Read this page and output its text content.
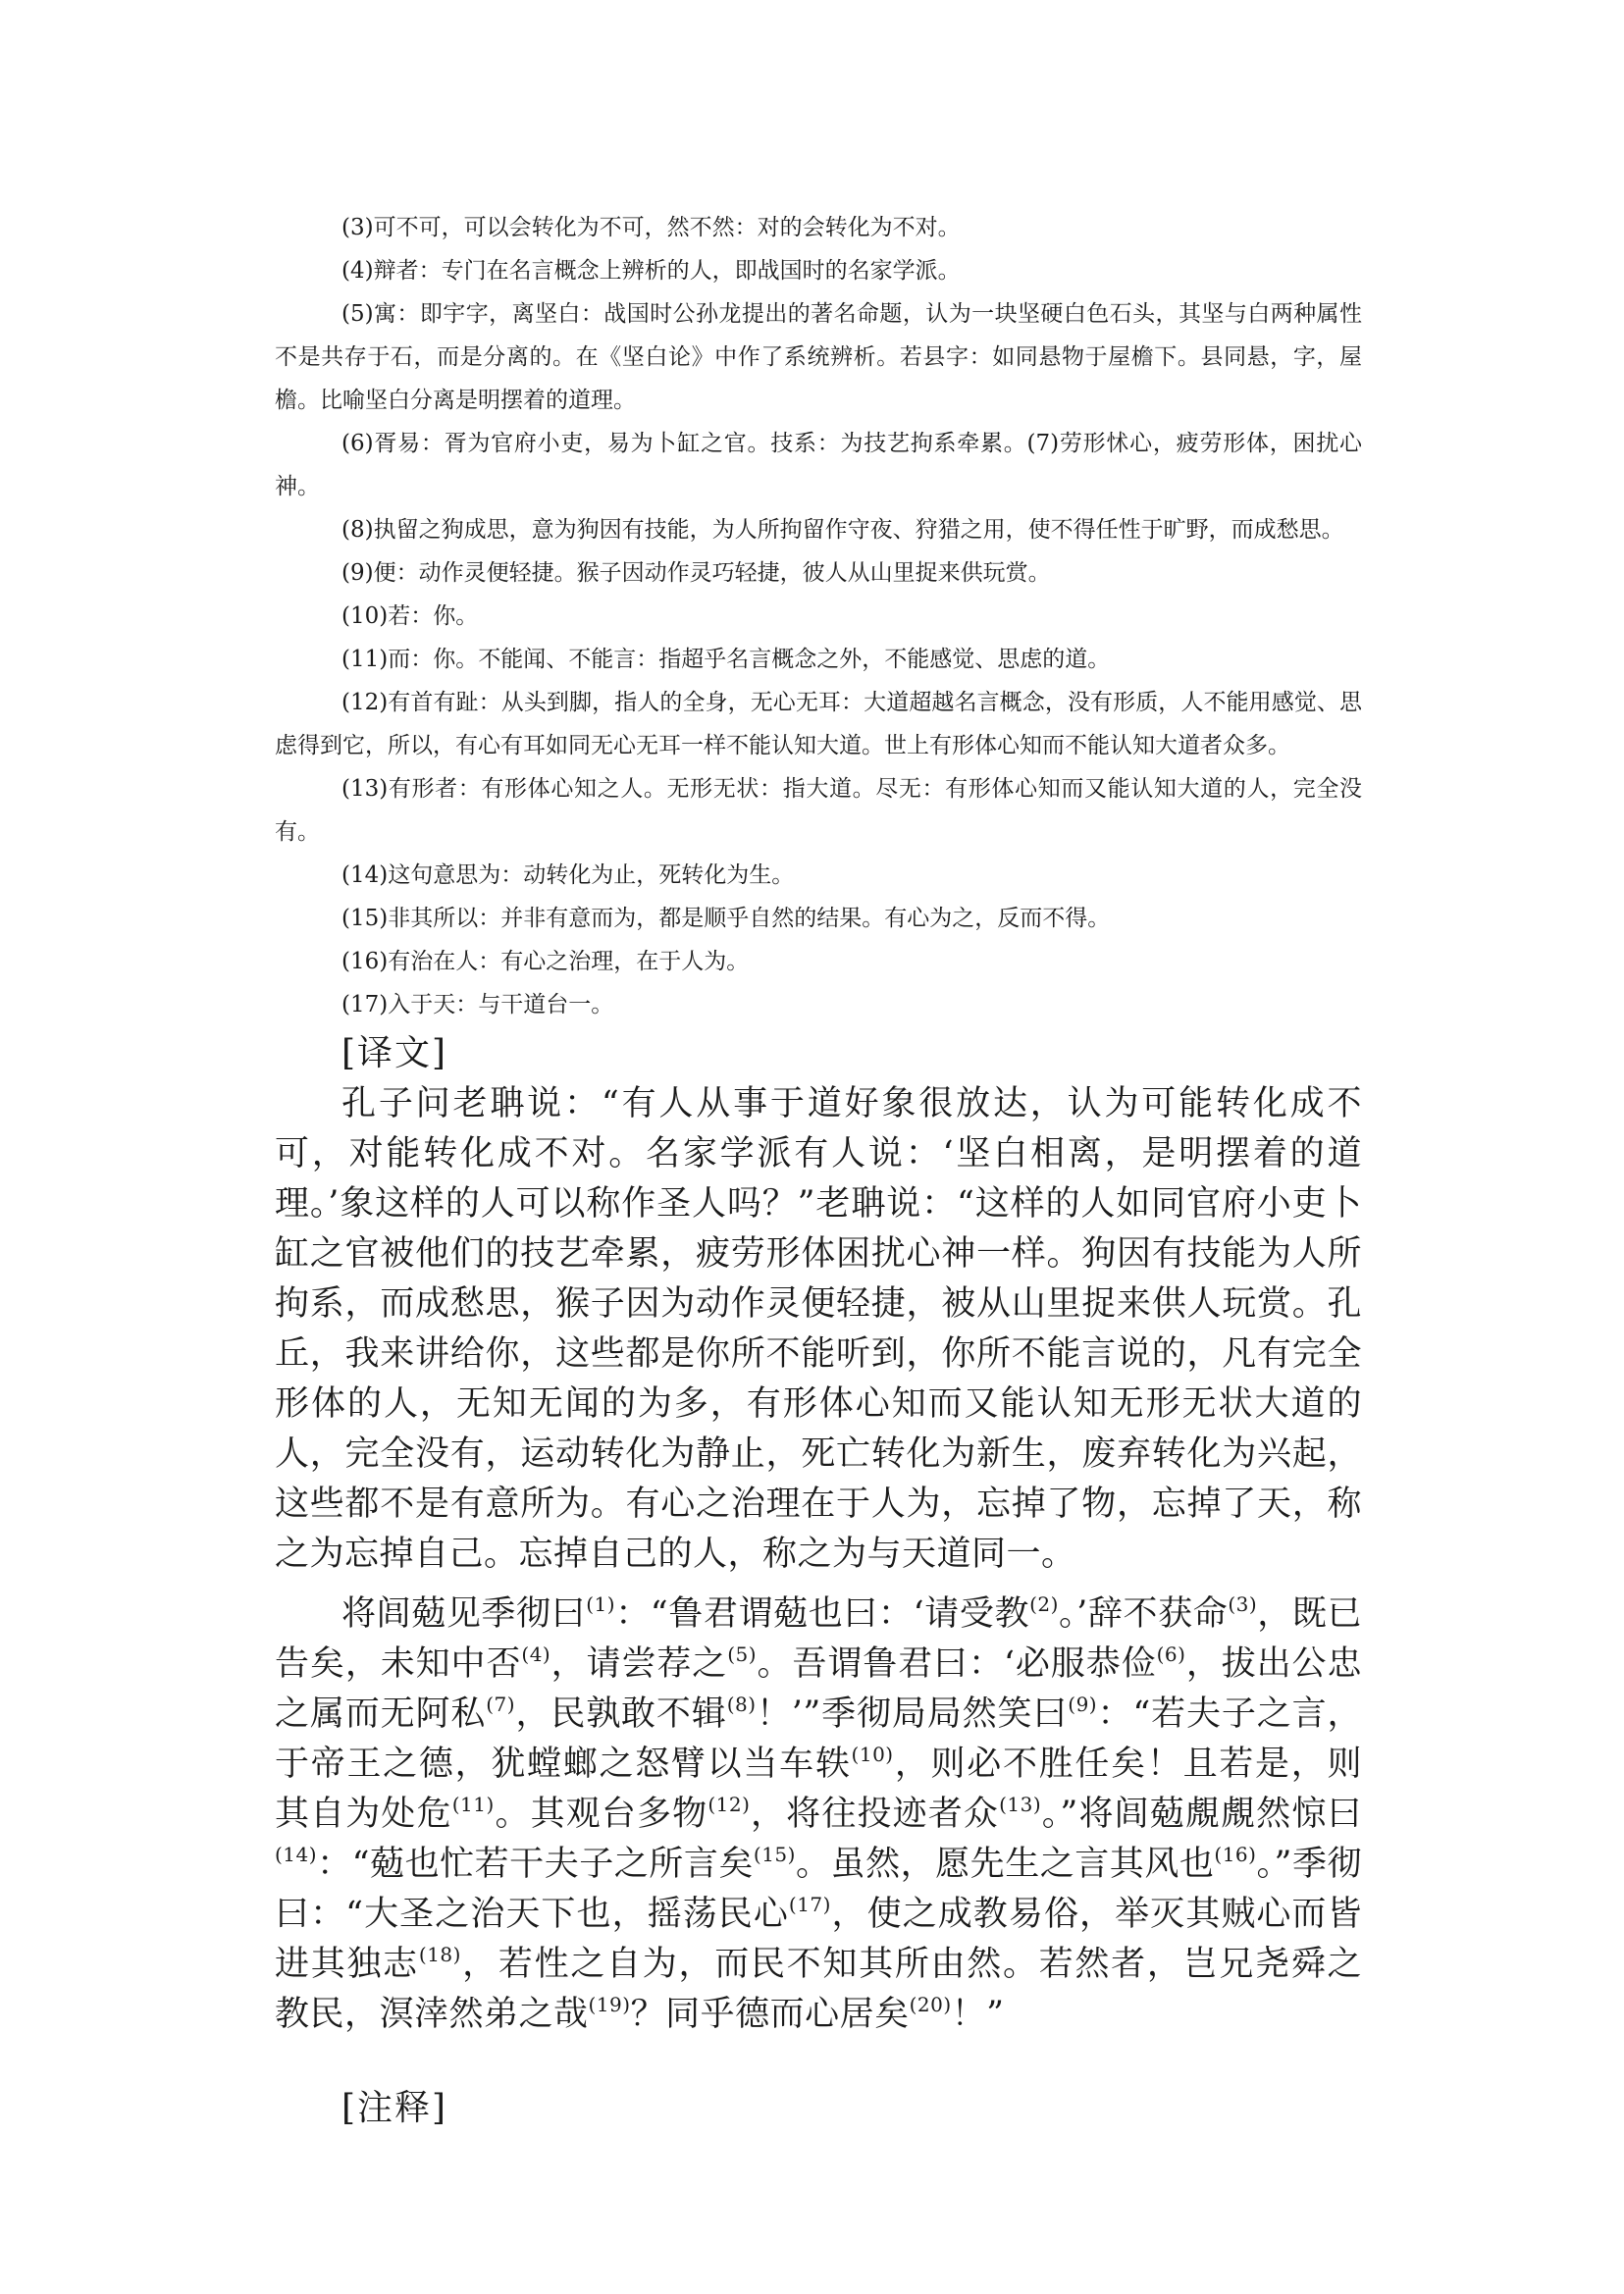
(3)可不可，可以会转化为不可，然不然：对的会转化为不对。

(4)辩者：专门在名言概念上辨析的人，即战国时的名家学派。

(5)寓：即宇字，离坚白：战国时公孙龙提出的著名命题，认为一块坚硬白色石头，其坚与白两种属性不是共存于石，而是分离的。在《坚白论》中作了系统辨析。若县字：如同悬物于屋檐下。县同悬，字，屋檐。比喻坚白分离是明摆着的道理。

(6)胥易：胥为官府小吏，易为卜缸之官。技系：为技艺拘系牵累。(7)劳形怵心，疲劳形体，困扰心神。

(8)执留之狗成思，意为狗因有技能，为人所拘留作守夜、狩猎之用，使不得任性于旷野，而成愁思。

(9)便：动作灵便轻捷。猴子因动作灵巧轻捷，彼人从山里捉来供玩赏。

(10)若：你。

(11)而：你。不能闻、不能言：指超乎名言概念之外，不能感觉、思虑的道。

(12)有首有趾：从头到脚，指人的全身，无心无耳：大道超越名言概念，没有形质，人不能用感觉、思虑得到它，所以，有心有耳如同无心无耳一样不能认知大道。世上有形体心知而不能认知大道者众多。

(13)有形者：有形体心知之人。无形无状：指大道。尽无：有形体心知而又能认知大道的人，完全没有。

(14)这句意思为：动转化为止，死转化为生。

(15)非其所以：并非有意而为，都是顺乎自然的结果。有心为之，反而不得。

(16)有治在人：有心之治理，在于人为。

(17)入于天：与干道台一。

[译文]

孔子问老聃说：“有人从事于道好象很放达，认为可能转化成不可，对能转化成不对。名家学派有人说：‘坚白相离，是明摆着的道理。’象这样的人可以称作圣人吗？”老聃说：“这样的人如同官府小吏卜缸之官被他们的技艺牵累，疲劳形体困扰心神一样。狗因有技能为人所拘系，而成愁思，猴子因为动作灵便轻捷，被从山里捉来供人玩赏。孔丘，我来讲给你，这些都是你所不能听到，你所不能言说的，凡有完全形体的人，无知无闻的为多，有形体心知而又能认知无形无状大道的人，完全没有，运动转化为静止，死亡转化为新生，废弃转化为兴起，这些都不是有意所为。有心之治理在于人为，忘掉了物，忘掉了天，称之为忘掉自己。忘掉自己的人，称之为与天道同一。

将闾葂见季彻曰$^{(1)}$：“鲁君谓葂也曰：‘请受教$^{(2)}$。’辞不获命$^{(3)}$，既已告矣，未知中否$^{(4)}$，请尝荐之$^{(5)}$。吾谓鲁君曰：‘必服恭俭$^{(6)}$，拔出公忠之属而无阿私$^{(7)}$，民孰敢不辑$^{(8)}$！’”季彻局局然笑曰$^{(9)}$：“若夫子之言，于帝王之德，犹螳螂之怒臂以当车轶$^{(10)}$，则必不胜任矣！且若是，则其自为处危$^{(11)}$。其观台多物$^{(12)}$，将往投迹者众$^{(13)}$。”将闾葂覤覤然惊曰$^{(14)}$：“葂也忙若干夫子之所言矣$^{(15)}$。虽然，愿先生之言其风也$^{(16)}$。”季彻曰：“大圣之治天下也，摇荡民心$^{(17)}$，使之成教易俗，举灭其贼心而皆进其独志$^{(18)}$，若性之自为，而民不知其所由然。若然者，岂兄尧舜之教民，溟涬然弟之哉$^{(19)}$？同乎德而心居矣$^{(20)}$！”

[注释]
